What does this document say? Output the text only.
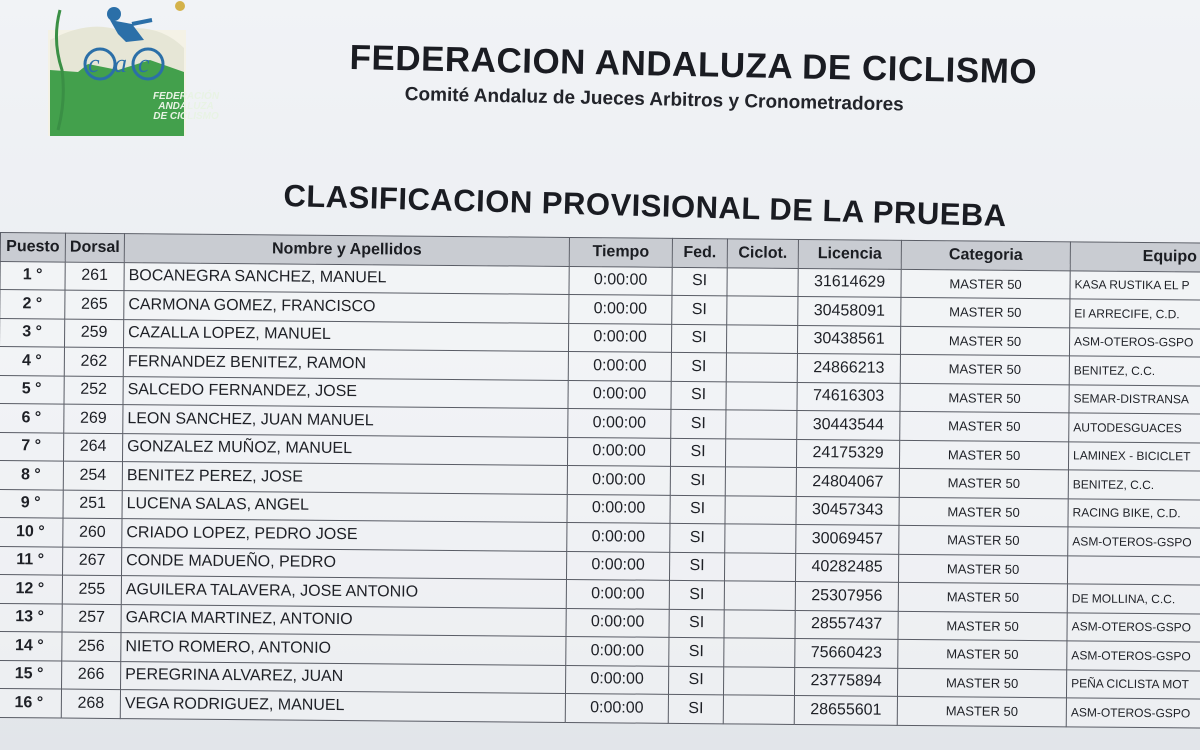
a
c c
FEDERACIÓN
ANDALUZA
DE CICLISMO
FEDERACION ANDALUZA DE CICLISMO
Comité Andaluz de Jueces Arbitros y Cronometradores
CLASIFICACION PROVISIONAL DE LA PRUEBA
Puesto	Dorsal	Nombre y Apellidos	Tiempo	Fed.	Ciclot.	Licencia	Categoria	Equipo
1 °	261	BOCANEGRA SANCHEZ, MANUEL	0:00:00	SI		31614629	MASTER 50	KASA RUSTIKA EL P
2 °	265	CARMONA GOMEZ, FRANCISCO	0:00:00	SI		30458091	MASTER 50	EI ARRECIFE, C.D.
3 °	259	CAZALLA LOPEZ, MANUEL	0:00:00	SI		30438561	MASTER 50	ASM-OTEROS-GSPO
4 °	262	FERNANDEZ BENITEZ, RAMON	0:00:00	SI		24866213	MASTER 50	BENITEZ, C.C.
5 °	252	SALCEDO FERNANDEZ, JOSE	0:00:00	SI		74616303	MASTER 50	SEMAR-DISTRANSA
6 °	269	LEON SANCHEZ, JUAN MANUEL	0:00:00	SI		30443544	MASTER 50	AUTODESGUACES
7 °	264	GONZALEZ MUÑOZ, MANUEL	0:00:00	SI		24175329	MASTER 50	LAMINEX - BICICLET
8 °	254	BENITEZ PEREZ, JOSE	0:00:00	SI		24804067	MASTER 50	BENITEZ, C.C.
9 °	251	LUCENA SALAS, ANGEL	0:00:00	SI		30457343	MASTER 50	RACING BIKE, C.D.
10 °	260	CRIADO LOPEZ, PEDRO JOSE	0:00:00	SI		30069457	MASTER 50	ASM-OTEROS-GSPO
11 °	267	CONDE MADUEÑO, PEDRO	0:00:00	SI		40282485	MASTER 50	
12 °	255	AGUILERA TALAVERA, JOSE ANTONIO	0:00:00	SI		25307956	MASTER 50	DE MOLLINA, C.C.
13 °	257	GARCIA MARTINEZ, ANTONIO	0:00:00	SI		28557437	MASTER 50	ASM-OTEROS-GSPO
14 °	256	NIETO ROMERO, ANTONIO	0:00:00	SI		75660423	MASTER 50	ASM-OTEROS-GSPO
15 °	266	PEREGRINA ALVAREZ, JUAN	0:00:00	SI		23775894	MASTER 50	PEÑA CICLISTA MOT
16 °	268	VEGA RODRIGUEZ, MANUEL	0:00:00	SI		28655601	MASTER 50	ASM-OTEROS-GSPO
